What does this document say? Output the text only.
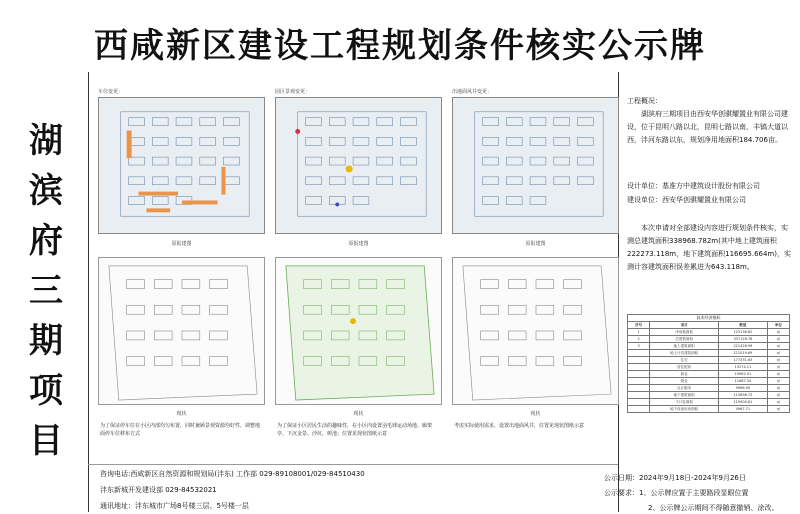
西咸新区建设工程规划条件核实公示牌
湖
滨
府
三
期
项
目
车位变更：	园区景观变更：	出地面风井变更：
原报建图	原报建图	原报建图
现状	现状	现状
为了保证停车位在小区内部均匀布置，同时兼顾景观资源均好性，调整地面停车位移布方式
为了保证小区居民生活的趣味性，在小区内设置羽毛球运动场地、廊架亭、下沉金景、沙坑、树池；位置见现状图纸示意
考虑实际使用需求，设置出地面风井，位置见现状图纸示意
工程概况：
湖滨府三期项目由西安华创骐耀置业有限公司建设，位于昆明八路以北，昆明七路以南，丰镐大道以西，沣河东路以东，规划净用地面积184.706亩。
设计单位：基准方中建筑设计股份有限公司
建设单位：西安华创骐耀置业有限公司
本次申请对全部建设内容进行规划条件核实，实测总建筑面积338968.782m(其中地上建筑面积222273.118m，地下建筑面积116695.664m)，实测计容建筑面积误差累进为643.118m。
技术经济指标
序号	项目	数值	单位
1	净用地面积	123136.82	㎡
2	总建筑面积	337128.78	㎡
3	地上建筑面积	221426.96	㎡
	地上计容建筑面积	221019.69	㎡
	住宅	177331.63	㎡
	居住配套	13274.11	㎡
	商业	19962.91	㎡
	物业	11687.34	㎡
	社区服务	9966.90	㎡
	地下建筑面积	115696.72	㎡
	不计容面积	110900.81	㎡
	地下设备用房面积	4967.71	㎡
咨询电话:西咸新区自然资源和规划局(沣东) 工作部 029-89108001/029-84510430
沣东新城开发建设部 029-84532021
通讯地址：沣东城市广场8号楼三层、5号楼一层
公示日期：2024年9月18日-2024年9月26日
公示要求：1、公示牌应置于主要路段显眼位置
2、公示牌公示期间不得随意撤销、涂改。
